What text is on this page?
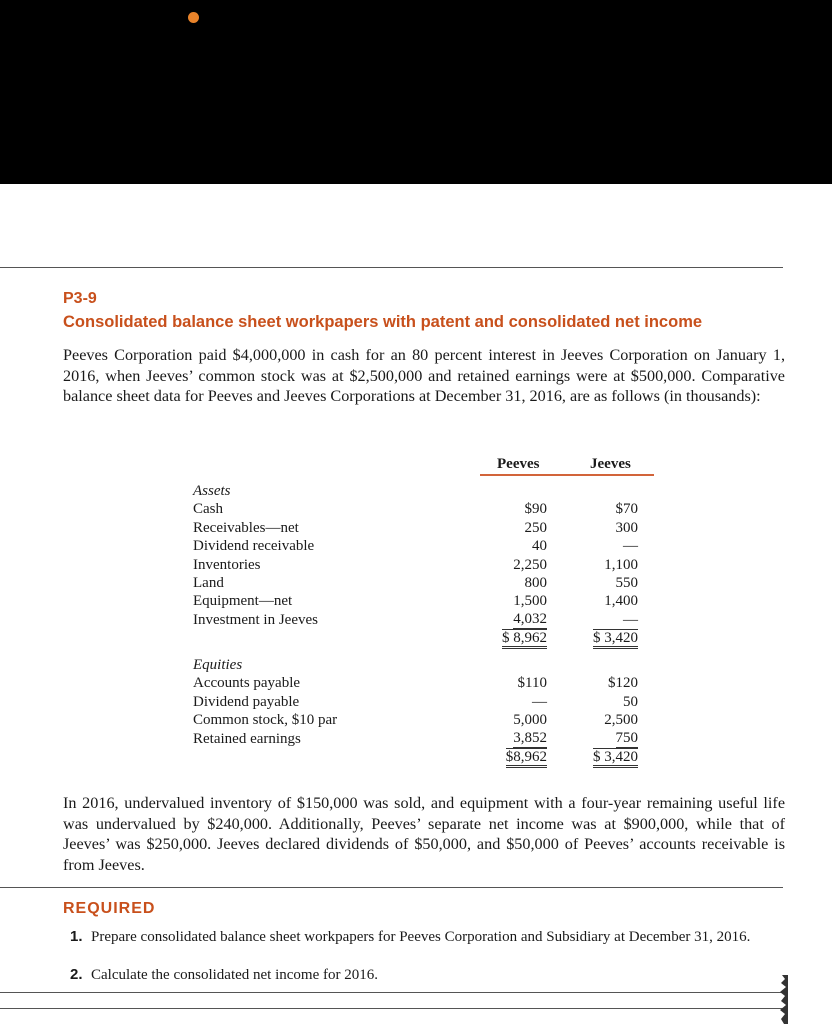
P3-9
Consolidated balance sheet workpapers with patent and consolidated net income
Peeves Corporation paid $4,000,000 in cash for an 80 percent interest in Jeeves Corporation on January 1, 2016, when Jeeves’ common stock was at $2,500,000 and retained earnings were at $500,000. Comparative balance sheet data for Peeves and Jeeves Corporations at December 31, 2016, are as follows (in thousands):
Peeves	Jeeves
Assets
Cash	$90	$70
Receivables—net	250	300
Dividend receivable	40	—
Inventories	2,250	1,100
Land	800	550
Equipment—net	1,500	1,400
Investment in Jeeves	4,032	—
$ 8,962	$ 3,420
Equities
Accounts payable	$110	$120
Dividend payable	—	50
Common stock, $10 par	5,000	2,500
Retained earnings	3,852	750
$8,962	$ 3,420
In 2016, undervalued inventory of $150,000 was sold, and equipment with a four-year remaining useful life was undervalued by $240,000. Additionally, Peeves’ separate net income was at $900,000, while that of Jeeves’ was $250,000. Jeeves declared dividends of $50,000, and $50,000 of Peeves’ accounts receivable is from Jeeves.
REQUIRED
1. Prepare consolidated balance sheet workpapers for Peeves Corporation and Subsidiary at December 31, 2016.
2. Calculate the consolidated net income for 2016.
